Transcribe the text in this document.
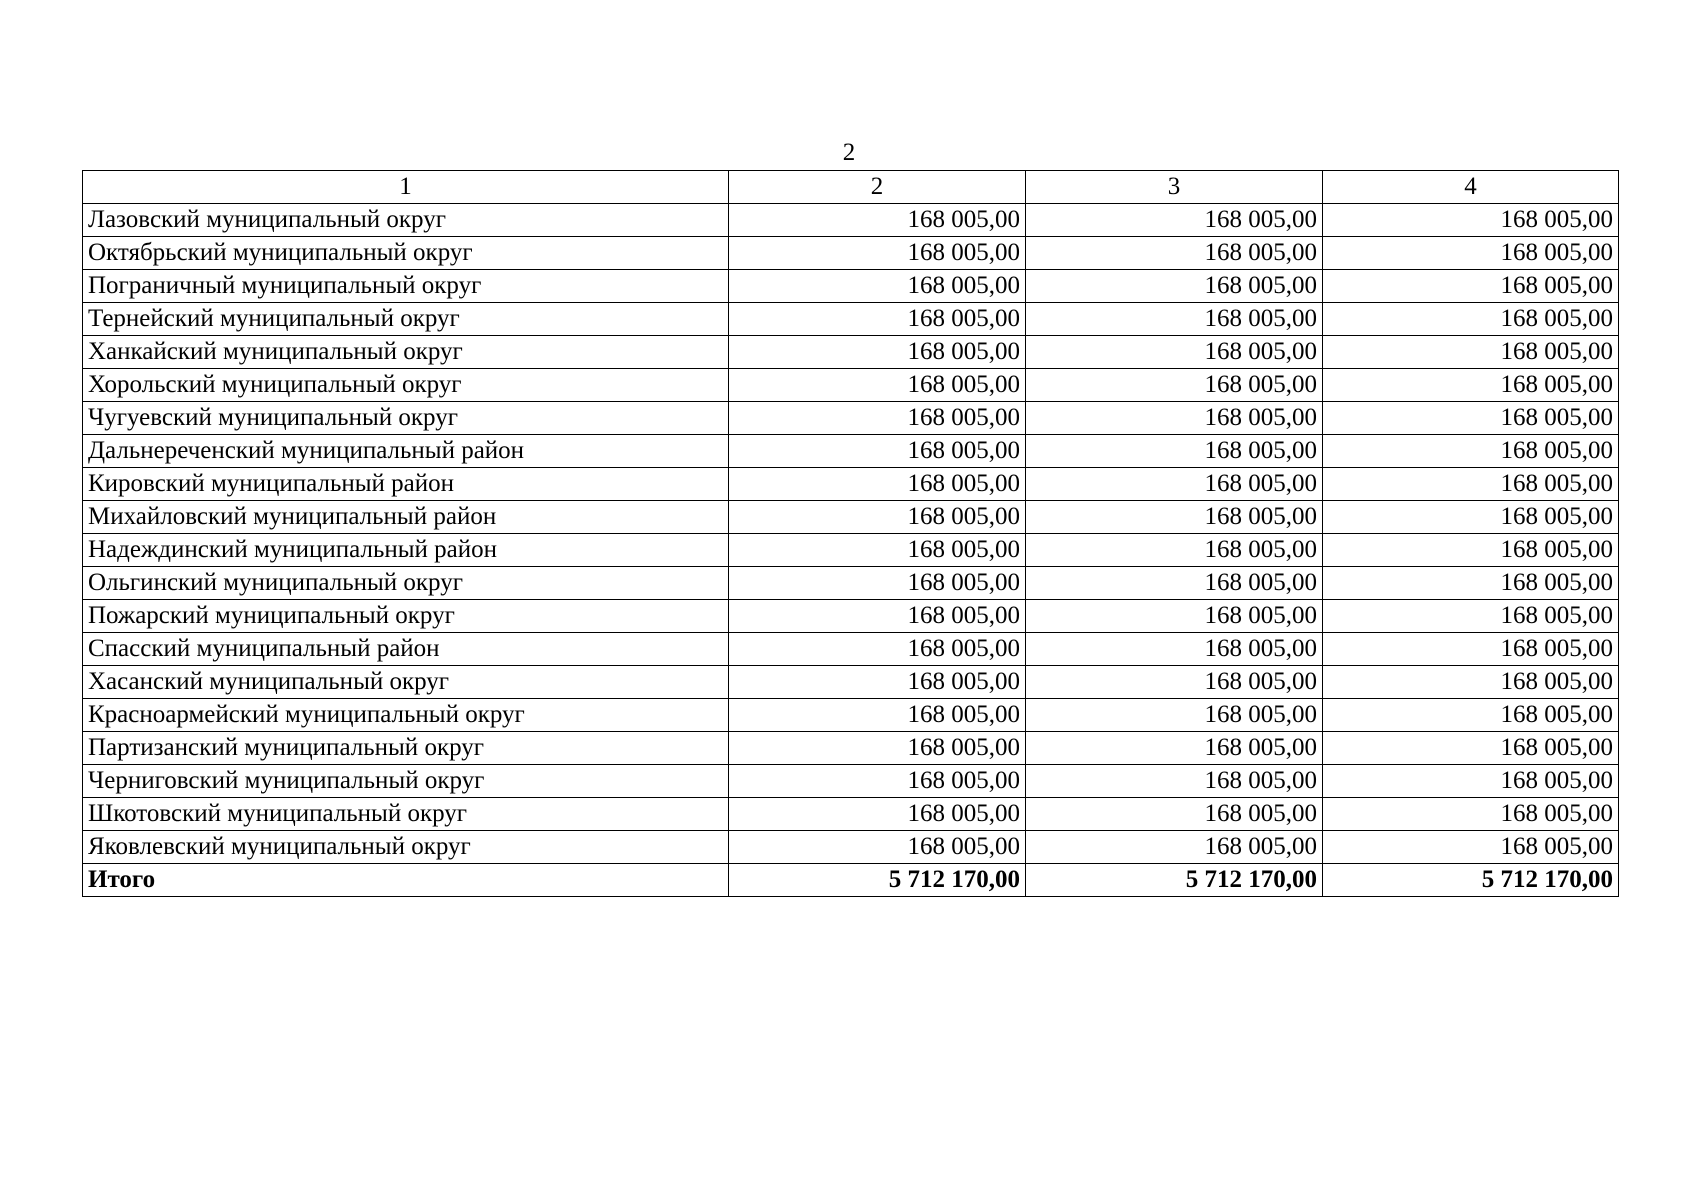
2
1	2	3	4
Лазовский муниципальный округ	168 005,00	168 005,00	168 005,00
Октябрьский муниципальный округ	168 005,00	168 005,00	168 005,00
Пограничный муниципальный округ	168 005,00	168 005,00	168 005,00
Тернейский муниципальный округ	168 005,00	168 005,00	168 005,00
Ханкайский муниципальный округ	168 005,00	168 005,00	168 005,00
Хорольский муниципальный округ	168 005,00	168 005,00	168 005,00
Чугуевский муниципальный округ	168 005,00	168 005,00	168 005,00
Дальнереченский муниципальный район	168 005,00	168 005,00	168 005,00
Кировский муниципальный район	168 005,00	168 005,00	168 005,00
Михайловский муниципальный район	168 005,00	168 005,00	168 005,00
Надеждинский муниципальный район	168 005,00	168 005,00	168 005,00
Ольгинский муниципальный округ	168 005,00	168 005,00	168 005,00
Пожарский муниципальный округ	168 005,00	168 005,00	168 005,00
Спасский муниципальный район	168 005,00	168 005,00	168 005,00
Хасанский муниципальный округ	168 005,00	168 005,00	168 005,00
Красноармейский муниципальный округ	168 005,00	168 005,00	168 005,00
Партизанский муниципальный округ	168 005,00	168 005,00	168 005,00
Черниговский муниципальный округ	168 005,00	168 005,00	168 005,00
Шкотовский муниципальный округ	168 005,00	168 005,00	168 005,00
Яковлевский муниципальный округ	168 005,00	168 005,00	168 005,00
Итого	5 712 170,00	5 712 170,00	5 712 170,00
